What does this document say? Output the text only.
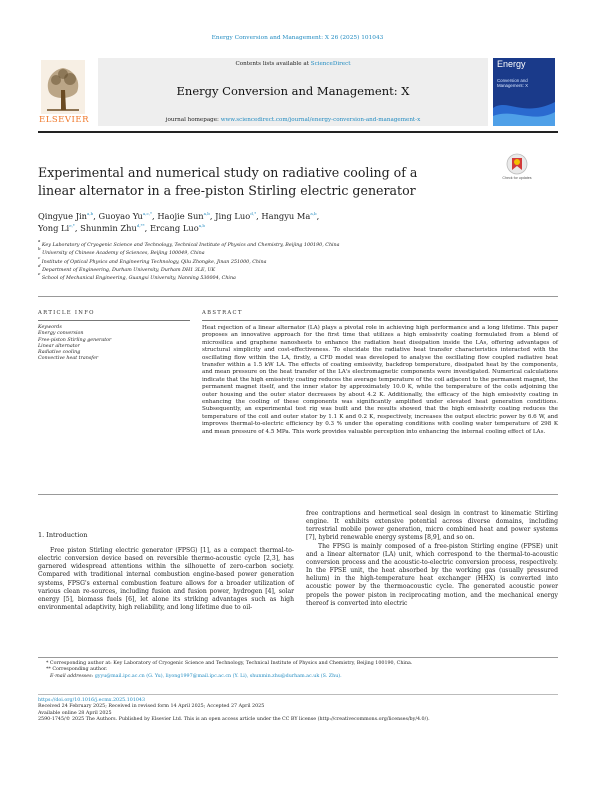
Energy Conversion and Management: X 26 (2025) 101043
ELSEVIER
Contents lists available at ScienceDirect
Energy Conversion and Management: X
journal homepage: www.sciencedirect.com/journal/energy-conversion-and-management-x
Energy
Conversion and Management: X
Experimental and numerical study on radiative cooling of a linear alternator in a free-piston Stirling electric generator
Check for updates
Qingyue Jin$^{a,b}$, Guoyao $Yu^{a,c,*}$, Haojie Sun$^{a,b}$, Jing Luo$^{d,*}$, Hangyu Ma$^{a,b}$,
Yong $Li^{e,*}$, Shunmin Zhu$^{d,**}$, Ercang Luo$^{a,b}$
$^a$ Key Laboratory of Cryogenic Science and Technology, Technical Institute of Physics and Chemistry, Beijing 100190, China
$^b$ University of Chinese Academy of Sciences, Beijing 100049, China
$^c$ Institute of Optical Physics and Engineering Technology, Qilu Zhongke, Jinan 251000, China
$^d$ Department of Engineering, Durham University, Durham DH1 3LE, UK
$^e$ School of Mechanical Engineering, Guangxi University, Nanning 530004, China
ARTICLE INFO	ABSTRACT
Keywords
Energy conversion
Free-piston Stirling generator
Linear alternator
Radiative cooling
Convective heat transfer
Heat rejection of a linear alternator (LA) plays a pivotal role in achieving high performance and a long lifetime. This paper proposes an innovative approach for the first time that utilizes a high emissivity coating formulated from a blend of microsilica and graphene nanosheets to enhance the radiation heat dissipation inside the LAs, offering advantages of structural simplicity and cost-effectiveness. To elucidate the radiative heat transfer characteristics interacted with the oscillating flow within the LA, firstly, a CFD model was developed to analyse the oscillating flow coupled radiative heat transfer within a 1.5 kW LA. The effects of coating emissivity, backdrop temperature, dissipated heat by the components, and mean pressure on the heat transfer of the LA's electromagnetic components were investigated. Numerical calculations indicate that the high emissivity coating reduces the average temperature of the coil adjacent to the permanent magnet, the permanent magnet itself, and the inner stator by approximately 10.0 K, while the temperature of the coils adjoining the outer housing and the outer stator decreases by about 4.2 K. Additionally, the efficacy of the high emissivity coating in enhancing the cooling of these components was significantly amplified under elevated heat generation conditions. Subsequently, an experimental test rig was built and the results showed that the high emissivity coating reduces the temperature of the coil and outer stator by 1.1 K and 0.2 K, respectively, increases the output electric power by 6.6 W, and improves thermal-to-electric efficiency by 0.3 % under the operating conditions with cooling water temperature of 298 K and mean pressure of 4.5 MPa. This work provides valuable perception into enhancing the internal cooling effect of LAs.
1. Introduction
Free piston Stirling electric generator (FPSG) [1], as a compact thermal-to-electric conversion device based on reversible thermo-acoustic cycle [2,3], has garnered widespread attentions within the silhouette of zero-carbon society. Compared with traditional internal combustion engine-based power generation systems, FPSG's external combustion feature allows for a broader utilization of various clean re-sources, including fusion and fusion power, hydrogen [4], solar energy [5], biomass fuels [6], let alone its striking advantages such as high environmental adaptivity, high reliability, and long lifetime due to oil-

free contraptions and hermetical seal design in contrast to kinematic Stirling engine. It exhibits extensive potential across diverse domains, including terrestrial mobile power generation, micro combined heat and power systems [7], hybrid renewable energy systems [8,9], and so on.

The FPSG is mainly composed of a free-piston Stirling engine (FPSE) unit and a linear alternator (LA) unit, which correspond to the thermal-to-acoustic conversion process and the acoustic-to-electric conversion process, respectively. In the FPSE unit, the heat absorbed by the working gas (usually pressured helium) in the high-temperature heat exchanger (HHX) is converted into acoustic power by the thermoacoustic cycle. The generated acoustic power propels the power piston in reciprocating motion, and the mechanical energy thereof is converted into electric

* Corresponding author at: Key Laboratory of Cryogenic Science and Technology, Technical Institute of Physics and Chemistry, Beijing 100190, China.
** Corresponding author.
E-mail addresses: gyyu@mail.ipc.ac.cn (G. Yu), liyong1997@mail.ipc.ac.cn (Y. Li), shunmin.zhu@durham.ac.uk (S. Zhu).
https://doi.org/10.1016/j.ecmx.2025.101043
Received 24 February 2025; Received in revised form 14 April 2025; Accepted 27 April 2025
Available online 28 April 2025
2590-1745/© 2025 The Authors. Published by Elsevier Ltd. This is an open access article under the CC BY license (http://creativecommons.org/licenses/by/4.0/).
